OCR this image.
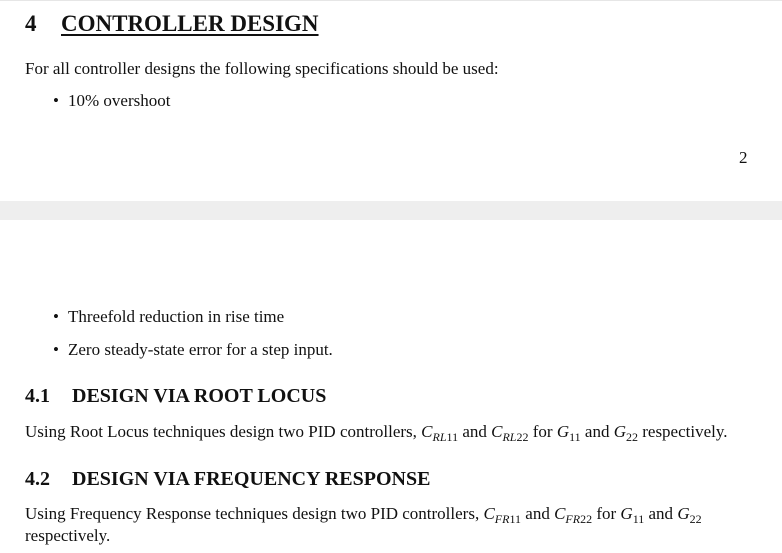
4 CONTROLLER DESIGN
For all controller designs the following specifications should be used:
• 10% overshoot
2
• Threefold reduction in rise time
• Zero steady-state error for a step input.
4.1 DESIGN VIA ROOT LOCUS
Using Root Locus techniques design two PID controllers, $C_{RL11}$ and $C_{RL22}$ for $G_{11}$ and $G_{22}$ respectively.
4.2 DESIGN VIA FREQUENCY RESPONSE
Using Frequency Response techniques design two PID controllers, $C_{FR11}$ and $C_{FR22}$ for $G_{11}$ and $G_{22}$
respectively.
